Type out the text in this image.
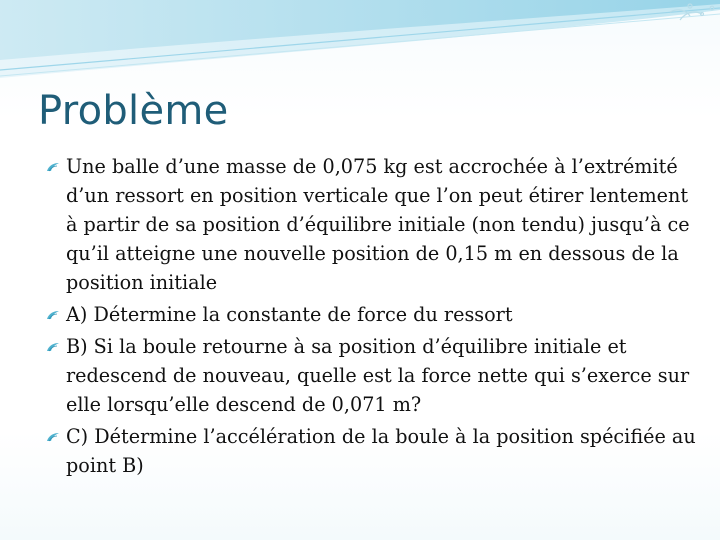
Problème
Une balle d’une masse de 0,075 kg est accrochée à l’extrémité d’un ressort en position verticale que l’on peut étirer lentement à partir de sa position d’équilibre initiale (non tendu) jusqu’à ce qu’il atteigne une nouvelle position de 0,15 m en dessous de la position initiale
A) Détermine la constante de force du ressort
B) Si la boule retourne à sa position d’équilibre initiale et redescend de nouveau, quelle est la force nette qui s’exerce sur elle lorsqu’elle descend de 0,071 m?
C) Détermine l’accélération de la boule à la position spécifiée au point B)
